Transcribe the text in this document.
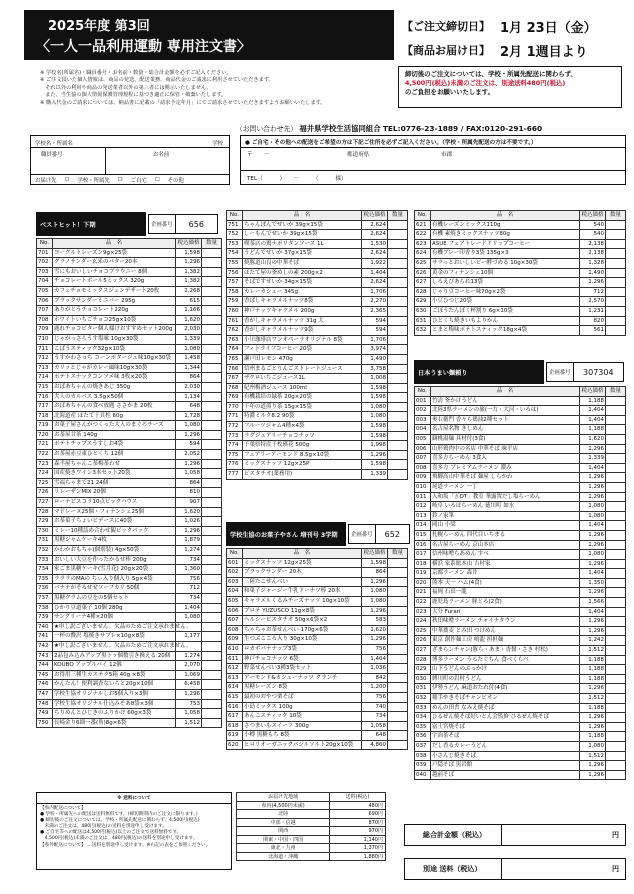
2025年度 第3回
〈一人一品利用運動 専用注文書〉
【ご注文締切日】 1月 23日（金）
【商品お届け日】 2月 1週目より
※ 学校名(所属名)・職員番号・お名前・数量・総合計金額を必ずご記入ください。
※ ご注文頂いた個人情報は、商品の発送、配送業務、商品代金のご請求に利用させていただきます。
　それ以外の利用や商品の発送業者以外の第三者には開示いたしません。
　また、当生協の個人情報保護管理規程に基づき適正に保管・破棄いたします。
※ 購入代金のご請求については、納品書に記載の「請求予定年月」にてご請求させていただきますようお願いいたします。
締切後のご注文については、学校・所属先配送に関わらず、
4,500円(税込)未満のご注文は、別途送料480円(税込)
のご負担をお願いいたします。
（お問い合わせ先） 福井県学校生活協同組合 TEL:0776-23-1889 / FAX:0120-291-660
学校名・所属名	学校
職員番号	お名前
お届け先 ☐ 学校・所属先 ☐ ご自宅 ☐ その他
● ご自宅・その他への配送をご希望の方は下記ご住所を必ずご記入ください。（学校・所属先配送の方は不要です。）
〒　　－	都道府県	市郡
TEL（　　　）　　－　　　（　　　様）
ベストヒット！下期	企画番号	656
No.	品　名	税込価格	数量
701	ヨーグルトレーズン9g×25袋	1,598	
702	グラノサンダー玄米のバター20本	1,296	
703	雪にもおいしいチョコブラウニー 8個	1,382	
704	チョコレートボール5ミックス 320g	1,382	
705	カフェチョモミックスジェンデザート20枚	2,268	
706	ブラックサンダーミニバー 295g	615	
707	ありがとうチョコレート220g	1,166	
708	ホワイトいちごチョコ25g×10袋	1,620	
709	鹿れチョコビター個人様けおすすめセット200g	2,030	
710	じゃがっさらうす塩味 10g×30袋	1,339	
711	こばうスティック32g×10袋	1,080	
712	うすかわさっち コーンポタージュ味10g×30袋	1,458	
713	カリッとじゃがカレー風味10g×30袋	1,344	
714	ポテトスナックコンソメ味 3枚×20袋	864	
715	おばあちゃんの焼きあじ 350g	2,030	
716	大人のカルパス 3.5g×50個	1,134	
717	おばあちゃんの食べ放題 ささかま 20枚	648	
718	北海道産 ほたて干貝柱 60g	1,728	
719	お菓子屋さんがつくった大人のまぐろチーズ	1,080	
720	お茶屋甘茶 140g	1,296	
721	ポテトチップスうすしお4袋	594	
722	お茶屋赤豆東ひとくち 12個	2,052	
723	森半屋ちゃんこ茶梅茶わせ	1,296	
724	国産焼きワイン3本セット20袋	1,058	
725	雪福ちゃまで21 24個	864	
726	リレーザンMIX 20個	810	
727	ローナビスコラ10点ビックハウス	907	
728	マドレーヌ25個・フィナンシェ25個	1,620	
729	お茶菓子ちょいビデースに40袋	1,026	
730	ミレー10種詰め合わせ観ビックパック	1,296	
731	黒糖ジャムケーキ4枚	1,879	
732	かわかおもちゃ(個別装) 4g×50袋	1,274	
733	おいしい大豆を作ったかるせ棒 200g	734	
734	家ごま黒糖ケーキ(雪月花) 20g×20袋	1,360	
735	ラララのMAの ちぃ入り個入り 5g×4袋	756	
736	バナナがそろせせソーフカリ 50個	712	
737	黒糖クラムの豆をの5個セット	734	
738	ひかり豆道菓子 10個 280g	1,404	
739	サングリーナ4種×20個	1,080	
740	★申し訳ございません。欠品のためご注文承れません。		
741	一杯の贅沢 塩焼きサブレ×10g×8袋	1,177	
742	★申し訳ございません。欠品のためご注文承れません。		
743	2品包み込みアップ黒トッ個数引き換える 20個	1,274	
744	KOUBO アップルパイ 12個	2,070	
745	お得用三種生カステラ5箱 40g ×8袋	1,069	
746	かんたん！便利調査ないらと20g×10個	6,458	
747	学校生協オリジナルしお5個入り×3個	1,296	
748	学校生協オリジナル仕込みそあ8袋×3個	753	
749	ちりめんとひじきのふりかけ 60g×3袋	1,058	
750	長崎金り6細一番(角)8g×6袋	1,512	
No.	品　名	税込価格	数量
751	ちゃんぽんでせいか 39g×15袋	2,624	
752	しーもんでせいか 39g×15袋	2,624	
753	喫茶店の鶏ナポリタンソース 1L	1,530	
754	うどんでせいか 37g×15袋	2,624	
755	焼豚道山良の中華そば	1,922	
756	ほたて屋の釜めしの素 200g×2	1,404	
757	そばですせいか 34g×15袋	2,624	
758	カレーカシュー 345g	1,706	
759	香ばしキャラメルナッツ8袋	2,270	
760	神戸ナッツキャラメル 200g	2,365	
761	香がしキャラメルナッツ 31g 大	594	
762	香がしキャラメルナッツ9袋	594	
763	小川珈琲店ワンオペーラオリジナル 8袋	1,706	
764	フィトライフコーヒー 20袋	3,974	
765	瀬戸田レモン 470g	1,490	
766	信州まるごとりんごストレートジュース	3,758	
767	ザクロいちごジュース1L	1,008	
768	紀州梅酒ジュース 100ml	1,598	
769	有機栽培の緑茶 20g×20袋	1,598	
770	千年の道煎り茶 15g×15袋	1,080	
771	特濃ミルク8.2 90袋	1,080	
772	フルーツジャム4種×4袋	1,598	
773	ラグジュアリーチョコナッツ	1,598	
774	千葉県特産千枚瑛花 500g	1,998	
775	フェアリーアーモンド 8.5g×10袋	1,296	
776	ミックスナッツ 12g×25P	1,598	
777	ピスタチオ(業務用)	1,339	
学校生協のお菓子やさん 増刊号 3学期	企画番号	652
No.	品　名	税込価格	数量
601	ミックスナッツ 12g×25袋	1,598	
602	プラックサンダー 20本	864	
603	三陸たこせんべい	1,296	
604	和菓子ジャージー牛乳ドーナツ棒 20本	1,080	
605	キャラメルくるみチーズナッツ 10g×10袋	1,080	
606	プロテ YUZUSCO 11g×8袋	1,296	
607	ヘルシーピスタチオ 50g×6袋×2	583	
608	ちゃちゃお茶せんべい 170g×6袋	1,620	
609	生つぶこころ入り 30g×10袋	1,296	
610	ロカボバナナップ3袋	756	
611	神戸チョコナッツ 6袋	1,404	
612	野菜せんべい3種3袋セット	1,036	
613	アーモンド&カシューナッツ クランチ	842	
614	黒糖レーズン 8袋	1,200	
615	最初のおやつ栗そば	756	
616	小島ミックス 100g	740	
617	あんこスティック 10袋	734	
618	さつまいもスイーツ 300g	1,058	
619	小樽 黒糖もち 8袋	648	
620	ヒロリオーガニックバジルソルト20g×10袋	4,860	
No.	品　名	税込価格	数量
621	有機レーズンミックス110g	540	
622	有機 素焼きミックスナッツ80g	540	
623	ASUE フェアトレードドリップコーヒー	2,138	
624	有機ブレー印香り3袋 135g×3	2,138	
625	サラっとおいしいビー酵づめる 10g×30袋	1,328	
626	黄金のフィナンシェ10個	1,490	
627	しろえびあられ13袋	1,296	
628	じゃり豆コーヒー味70g×2袋	712	
629	小豆ひつじ20袋	2,570	
630	ごぼうたんぼく杯割り 6g×10袋	1,231	
631	ひとくち焼きいもよりかん	820	
632	とまと梅味ポテトスティック18g×4袋	561	
日本うまい麺頼り	企画番号	307304
No.	品　名	税込価格	数量
001	竹清 釜かけうどん	1,188	
002	北陸3県ラーメンの旅(一力・大河・いろは)	1,404	
003	奥右衛門 香々ら鶏油2種セット	1,404	
004	名古屋名物 きしめん	1,188	
005	観桃湯麺 具材付(3食)	1,620	
006	山形鶏肉中の名店 中華そば 味平店	1,296	
007	喜多方らーめん 3食入	1,339	
008	喜多方 ブレミアムラーメン 濃み	1,404	
009	飛騨高山中華そば 麺屋 しらかわ	1,296	
010	尾道ラーメン 一丁	1,296	
011	入和坂「五OT」教室 華露置だし塩らーめん	1,296	
012	岐阜 いろはらーめん 徳川町 如水	1,080	
013	鈴ノ家筆	1,080	
014	岡山 小梁	1,404	
015	札幌らーめん 四代目いちまる	1,296	
016	名古屋らーめん 京山本店	1,296	
017	信州味噌らあめん すべ	1,080	
018	横浜 家系総本山 吉村家	1,296	
019	京都ラーメン 森井	1,404	
020	熊本 天一 ハム(4食)	1,350	
021	福岡 石田一龍	1,296	
022	鹿児島ラーメン 豚とろ(2食)	1,566	
023	大分 Furari	1,404	
024	秋田味噌ラーメン チャイナタウン	1,296	
025	中華蕎麦 とみ田 つけめん	1,296	
026	東京 創作麺工房 鳴龍 担担麺	1,242	
027	ざまらンチャン(豚ら・あま・香醤・さき 村松)	1,512	
028	博多ラーメン うろたぐちん 食べくらべ	1,188	
029	山下うどんのぶっかけ	1,188	
030	縛川町の岩村うどん	1,188	
031	伊勢うどん 麻道おたれ付(4食)	1,296	
032	稲手やきそばチャンピオン	1,512	
033	めんの田舎 なみえ焼そば	1,188	
034	ひるぜん焼そば好いとん会監修 ひるぜん焼そば	1,296	
035	富士宮焼そば	1,296	
036	宇治茶そば	1,188	
037	だし香るカレーうどん	1,080	
038	小さんじ焼きそば	1,512	
039	戸隠そば 黒岩館	1,296	
040	越前そば	1,296	
※ 送料について
【県内配送について】
● 学校・所属先への配送は送料無料です。(締切期間内のご注文に限ります。)
● 締切後のご注文については、学校・所属先配送に関わらず、4,500円(税込)
　未満のご注文は、480円(税込)の送料を別途申し受けます。
● ご自宅等への配送は4,500円(税込)以上のご注文で送料無料です。
　4,500円(税込)未満のご注文は、480円(税込)の送料を別途申し受けます。
【県外配送について】 …送料を別途申し受けます。※右記の表をご参照ください。
お届け先地域	送料(税込)
県内(4,500円未満)	480円
北陸	690円
中部・信越	870円
関西	970円
関東・中国・四国	1,140円
東北・九州	1,370円
北海道・沖縄	1,880円
総合計金額（税込）	円
別途 送料（税込）	円
